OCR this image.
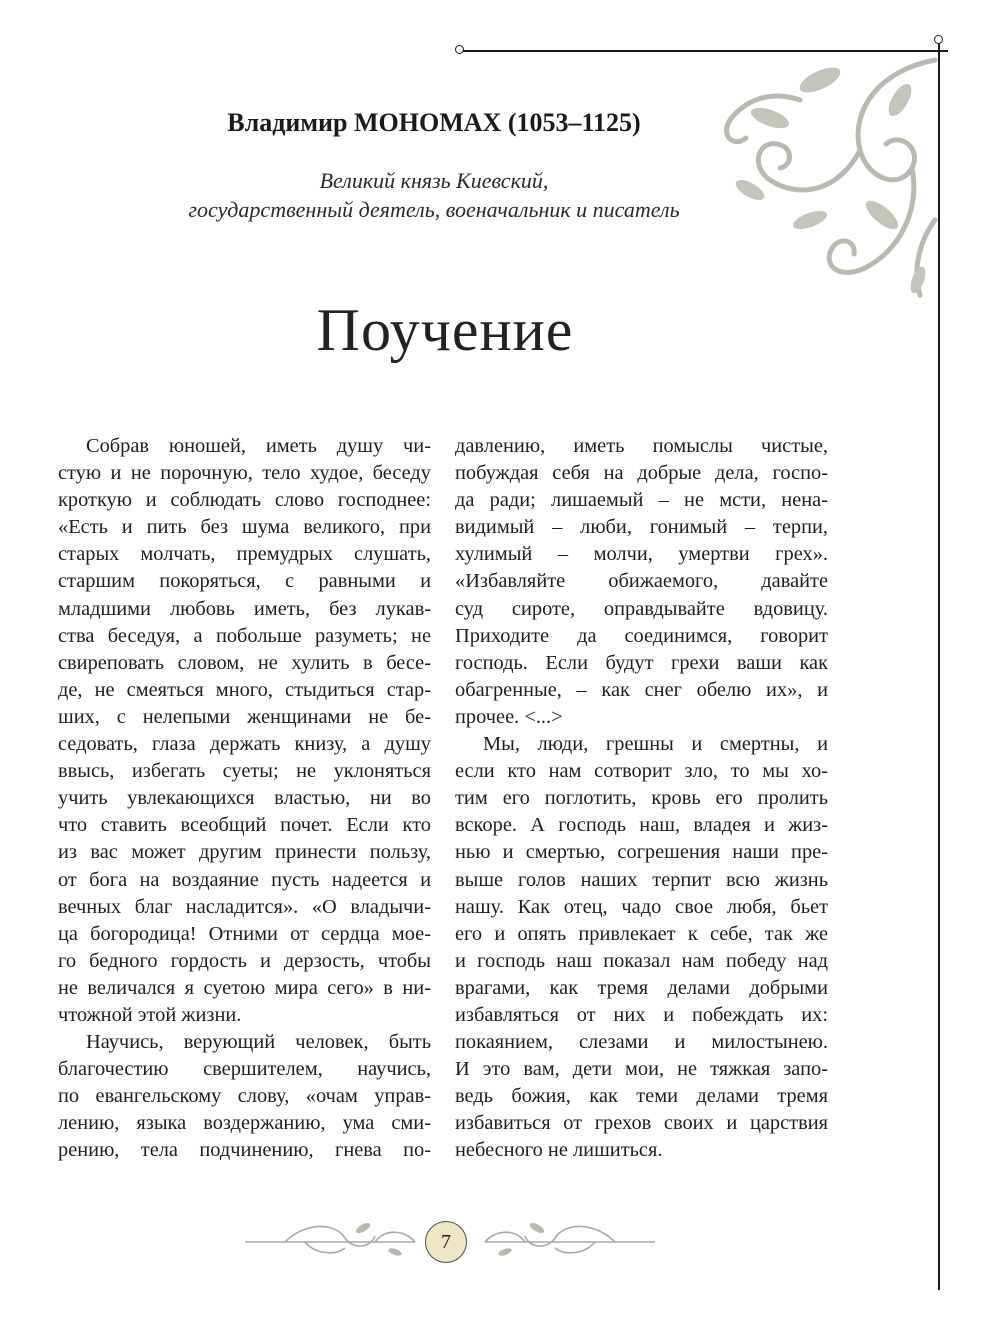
Владимир МОНОМАХ (1053–1125)
Великий князь Киевский,
государственный деятель, военачальник и писатель
Поучение

Собрав юношей, иметь душу чи-

стую и не порочную, тело худое, беседу

кроткую и соблюдать слово господнее:

«Есть и пить без шума великого, при

старых молчать, премудрых слушать,

старшим покоряться, с равными и

младшими любовь иметь, без лукав-

ства беседуя, а побольше разуметь; не

свиреповать словом, не хулить в бесе-

де, не смеяться много, стыдиться стар-

ших, с нелепыми женщинами не бе-

седовать, глаза держать книзу, а душу

ввысь, избегать суеты; не уклоняться

учить увлекающихся властью, ни во

что ставить всеобщий почет. Если кто

из вас может другим принести пользу,

от бога на воздаяние пусть надеется и

вечных благ насладится». «О владычи-

ца богородица! Отними от сердца мое-

го бедного гордость и дерзость, чтобы

не величался я суетою мира сего» в ни-

чтожной этой жизни.

Научись, верующий человек, быть

благочестию свершителем, научись,

по евангельскому слову, «очам управ-

лению, языка воздержанию, ума сми-

рению, тела подчинению, гнева по-

давлению, иметь помыслы чистые,

побуждая себя на добрые дела, госпо-

да ради; лишаемый – не мсти, нена-

видимый – люби, гонимый – терпи,

хулимый – молчи, умертви грех».

«Избавляйте обижаемого, давайте

суд сироте, оправдывайте вдовицу.

Приходите да соединимся, говорит

господь. Если будут грехи ваши как

обагренные, – как снег обелю их», и

прочее. <...>

Мы, люди, грешны и смертны, и

если кто нам сотворит зло, то мы хо-

тим его поглотить, кровь его пролить

вскоре. А господь наш, владея и жиз-

нью и смертью, согрешения наши пре-

выше голов наших терпит всю жизнь

нашу. Как отец, чадо свое любя, бьет

его и опять привлекает к себе, так же

и господь наш показал нам победу над

врагами, как тремя делами добрыми

избавляться от них и побеждать их:

покаянием, слезами и милостынею.

И это вам, дети мои, не тяжкая запо-

ведь божия, как теми делами тремя

избавиться от грехов своих и царствия

небесного не лишиться.

7
